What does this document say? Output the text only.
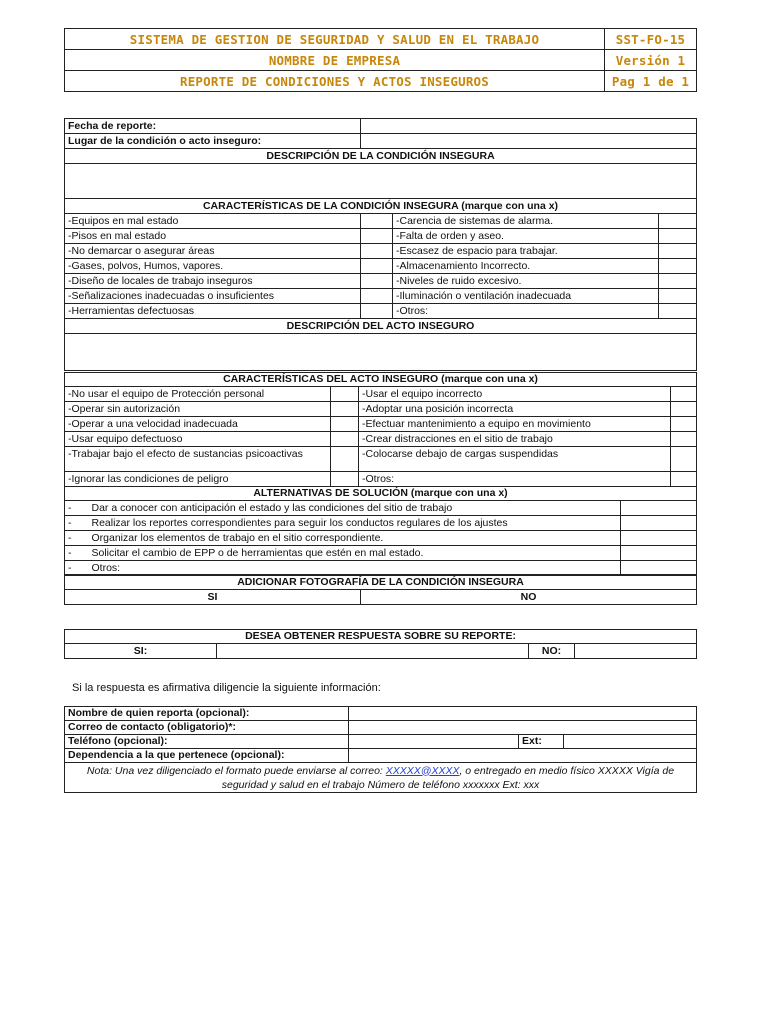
SISTEMA DE GESTION DE SEGURIDAD Y SALUD EN EL TRABAJO	SST-FO-15
NOMBRE DE EMPRESA	Versión 1
REPORTE DE CONDICIONES Y ACTOS INSEGUROS	Pag 1 de 1
Fecha de reporte:			
Lugar de la condición o acto inseguro:			
DESCRIPCIÓN DE LA CONDICIÓN INSEGURA			

CARACTERÍSTICAS DE LA CONDICIÓN INSEGURA (marque con una x)			
-Equipos en mal estado		-Carencia de sistemas de alarma.	
-Pisos en mal estado		-Falta de orden y aseo.	
-No demarcar o asegurar áreas		-Escasez de espacio para trabajar.	
-Gases, polvos, Humos, vapores.		-Almacenamiento Incorrecto.	
-Diseño de locales de trabajo inseguros		-Niveles de ruido excesivo.	
-Señalizaciones inadecuadas o insuficientes		-Iluminación o ventilación inadecuada	
-Herramientas defectuosas		-Otros:	
DESCRIPCIÓN DEL ACTO INSEGURO			

CARACTERÍSTICAS DEL ACTO INSEGURO (marque con una x)			
-No usar el equipo de Protección personal		-Usar el equipo incorrecto	
-Operar sin autorización		-Adoptar una posición incorrecta	
-Operar a una velocidad inadecuada		-Efectuar mantenimiento a equipo en movimiento	
-Usar equipo defectuoso		-Crear distracciones en el sitio de trabajo	
-Trabajar bajo el efecto de sustancias psicoactivas		-Colocarse debajo de cargas suspendidas	
-Ignorar las condiciones de peligro		-Otros:	
ALTERNATIVAS DE SOLUCIÓN (marque con una x)		
-	Dar a conocer con anticipación el estado y las condiciones del sitio de trabajo	
-	Realizar los reportes correspondientes para seguir los conductos regulares de los ajustes	
-	Organizar los elementos de trabajo en el sitio correspondiente.	
-	Solicitar el cambio de EPP o de herramientas que estén en mal estado.	
-	Otros:	
ADICIONAR FOTOGRAFÍA DE LA CONDICIÓN INSEGURA
SI	NO
DESEA OBTENER RESPUESTA SOBRE SU REPORTE:
SI:		NO:	
Si la respuesta es afirmativa diligencie la siguiente información:
Nombre de quien reporta (opcional):			
Correo de contacto (obligatorio)*:			
Teléfono (opcional):		Ext:	
Dependencia a la que pertenece (opcional):			
Nota: Una vez diligenciado el formato puede enviarse al correo: XXXXX@XXXX, o entregado en medio físico XXXXX Vigía de seguridad y salud en el trabajo Número de teléfono xxxxxxx Ext: xxx			
